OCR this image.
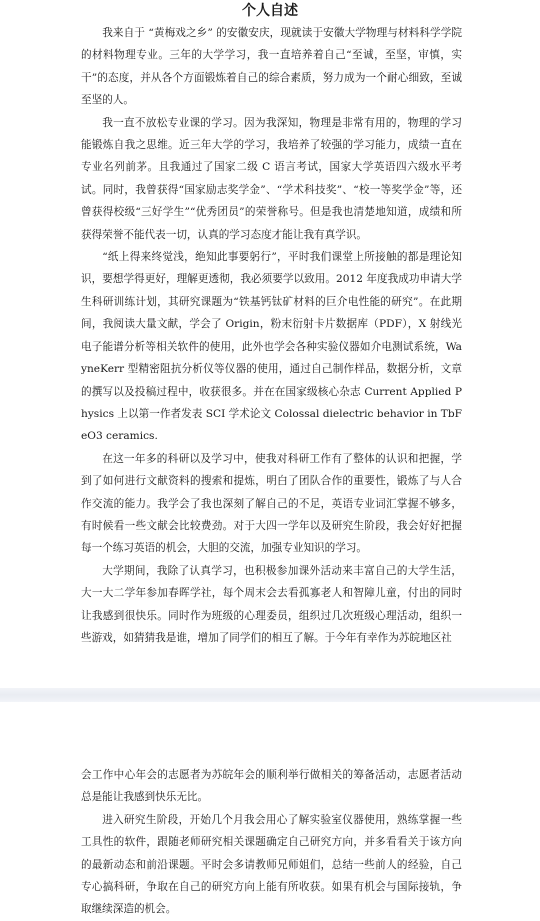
个人自述

我来自于 “黄梅戏之乡” 的安徽安庆，现就读于安徽大学物理与材料科学学院的材料物理专业。三年的大学学习，我一直培养着自己“至诚，至坚，审慎，实干”的态度，并从各个方面锻炼着自己的综合素质，努力成为一个耐心细致，至诚至坚的人。

我一直不放松专业课的学习。因为我深知，物理是非常有用的，物理的学习能锻炼自我之思维。近三年大学的学习，我培养了较强的学习能力，成绩一直在专业名列前茅。且我通过了国家二级 C 语言考试，国家大学英语四六级水平考试。同时，我曾获得“国家励志奖学金”、“学术科技奖”、“校一等奖学金”等，还曾获得校级“三好学生”“优秀团员”的荣誉称号。但是我也清楚地知道，成绩和所获得荣誉不能代表一切，认真的学习态度才能让我有真学识。

“纸上得来终觉浅，绝知此事要躬行”，平时我们课堂上所接触的都是理论知识，要想学得更好，理解更透彻，我必须要学以致用。2012 年度我成功申请大学生科研训练计划，其研究课题为“铁基钙钛矿材料的巨介电性能的研究”。在此期间，我阅读大量文献，学会了 Origin，粉末衍射卡片数据库（PDF），X 射线光电子能谱分析等相关软件的使用，此外也学会各种实验仪器如介电测试系统，WayneKerr 型精密阻抗分析仪等仪器的使用，通过自己制作样品，数据分析，文章的撰写以及投稿过程中，收获很多。并在在国家级核心杂志 Current Applied Physics 上以第一作者发表 SCI 学术论文 Colossal dielectric behavior in TbFeO3 ceramics.

在这一年多的科研以及学习中，使我对科研工作有了整体的认识和把握，学到了如何进行文献资料的搜索和提炼，明白了团队合作的重要性，锻炼了与人合作交流的能力。我学会了我也深刻了解自己的不足，英语专业词汇掌握不够多，有时候看一些文献会比较费劲。对于大四一学年以及研究生阶段，我会好好把握每一个练习英语的机会，大胆的交流，加强专业知识的学习。

大学期间，我除了认真学习，也积极参加课外活动来丰富自己的大学生活，大一大二学年参加春晖学社，每个周末会去看孤寡老人和智障儿童，付出的同时让我感到很快乐。同时作为班级的心理委员，组织过几次班级心理活动，组织一些游戏，如猜猜我是谁，增加了同学们的相互了解。于今年有幸作为苏皖地区社

会工作中心年会的志愿者为苏皖年会的顺利举行做相关的筹备活动，志愿者活动总是能让我感到快乐无比。

进入研究生阶段，开始几个月我会用心了解实验室仪器使用，熟练掌握一些工具性的软件，跟随老师研究相关课题确定自己研究方向，并多看看关于该方向的最新动态和前沿课题。平时会多请教师兄师姐们，总结一些前人的经验，自己专心搞科研，争取在自己的研究方向上能有所收获。如果有机会与国际接轨，争取继续深造的机会。
